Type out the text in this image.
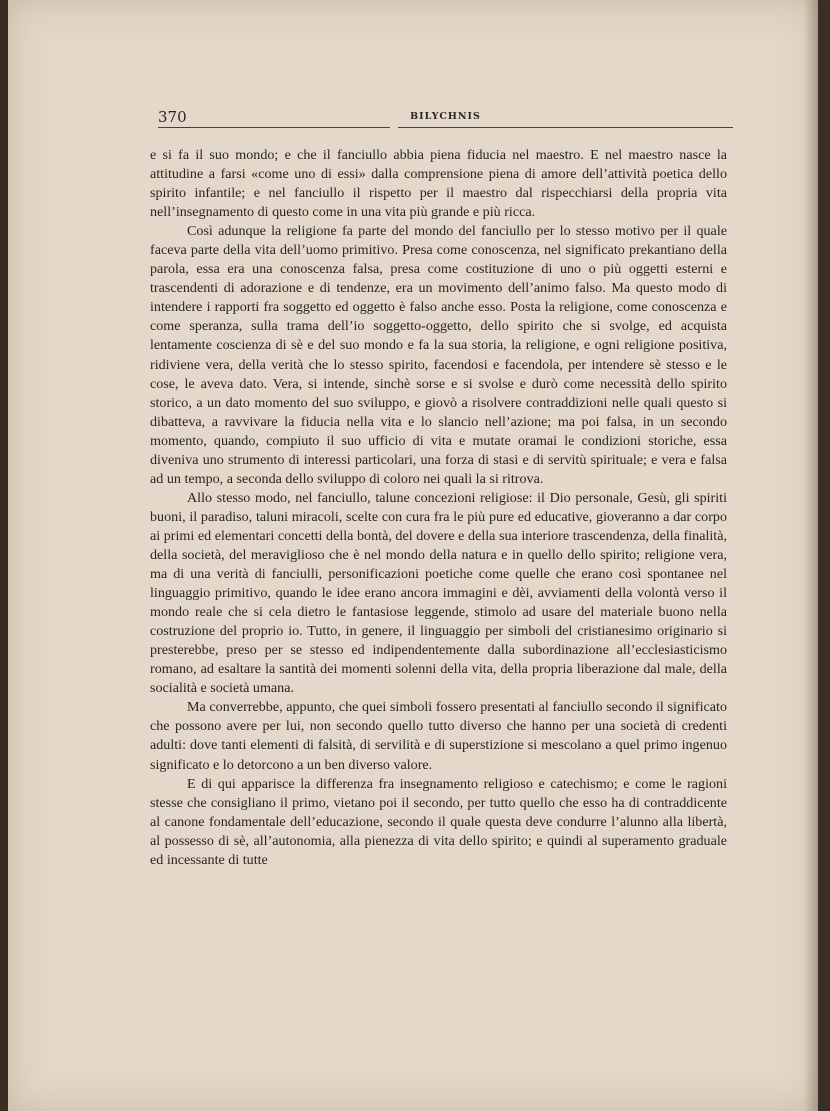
370	BILYCHNIS

e si fa il suo mondo; e che il fanciullo abbia piena fiducia nel maestro. E nel maestro nasce la attitudine a farsi «come uno di essi» dalla comprensione piena di amore dell’attività poetica dello spirito infantile; e nel fanciullo il rispetto per il maestro dal rispecchiarsi della propria vita nell’insegnamento di questo come in una vita più grande e più ricca.

Così adunque la religione fa parte del mondo del fanciullo per lo stesso motivo per il quale faceva parte della vita dell’uomo primitivo. Presa come conoscenza, nel significato prekantiano della parola, essa era una conoscenza falsa, presa come costituzione di uno o più oggetti esterni e trascendenti di adorazione e di tendenze, era un movimento dell’animo falso. Ma questo modo di intendere i rapporti fra soggetto ed oggetto è falso anche esso. Posta la religione, come conoscenza e come speranza, sulla trama dell’io soggetto-oggetto, dello spirito che si svolge, ed acquista lentamente coscienza di sè e del suo mondo e fa la sua storia, la religione, e ogni religione positiva, ridiviene vera, della verità che lo stesso spirito, facendosi e facendola, per intendere sè stesso e le cose, le aveva dato. Vera, si intende, sinchè sorse e si svolse e durò come necessità dello spirito storico, a un dato momento del suo sviluppo, e giovò a risolvere contraddizioni nelle quali questo si dibatteva, a ravvivare la fiducia nella vita e lo slancio nell’azione; ma poi falsa, in un secondo momento, quando, compiuto il suo ufficio di vita e mutate oramai le condizioni storiche, essa diveniva uno strumento di interessi particolari, una forza di stasi e di servitù spirituale; e vera e falsa ad un tempo, a seconda dello sviluppo di coloro nei quali la si ritrova.

Allo stesso modo, nel fanciullo, talune concezioni religiose: il Dio personale, Gesù, gli spiriti buoni, il paradiso, taluni miracoli, scelte con cura fra le più pure ed educative, gioveranno a dar corpo ai primi ed elementari concetti della bontà, del dovere e della sua interiore trascendenza, della finalità, della società, del meraviglioso che è nel mondo della natura e in quello dello spirito; religione vera, ma di una verità di fanciulli, personificazioni poetiche come quelle che erano così spontanee nel linguaggio primitivo, quando le idee erano ancora immagini e dèi, avviamenti della volontà verso il mondo reale che si cela dietro le fantasiose leggende, stimolo ad usare del materiale buono nella costruzione del proprio io. Tutto, in genere, il linguaggio per simboli del cristianesimo originario si presterebbe, preso per se stesso ed indipendentemente dalla subordinazione all’ecclesiasticismo romano, ad esaltare la santità dei momenti solenni della vita, della propria liberazione dal male, della socialità e società umana.

Ma converrebbe, appunto, che quei simboli fossero presentati al fanciullo secondo il significato che possono avere per lui, non secondo quello tutto diverso che hanno per una società di credenti adulti: dove tanti elementi di falsità, di servilità e di superstizione si mescolano a quel primo ingenuo significato e lo detorcono a un ben diverso valore.

E di qui apparisce la differenza fra insegnamento religioso e catechismo; e come le ragioni stesse che consigliano il primo, vietano poi il secondo, per tutto quello che esso ha di contraddicente al canone fondamentale dell’educazione, secondo il quale questa deve condurre l’alunno alla libertà, al possesso di sè, all’autonomia, alla pienezza di vita dello spirito; e quindi al superamento graduale ed incessante di tutte
